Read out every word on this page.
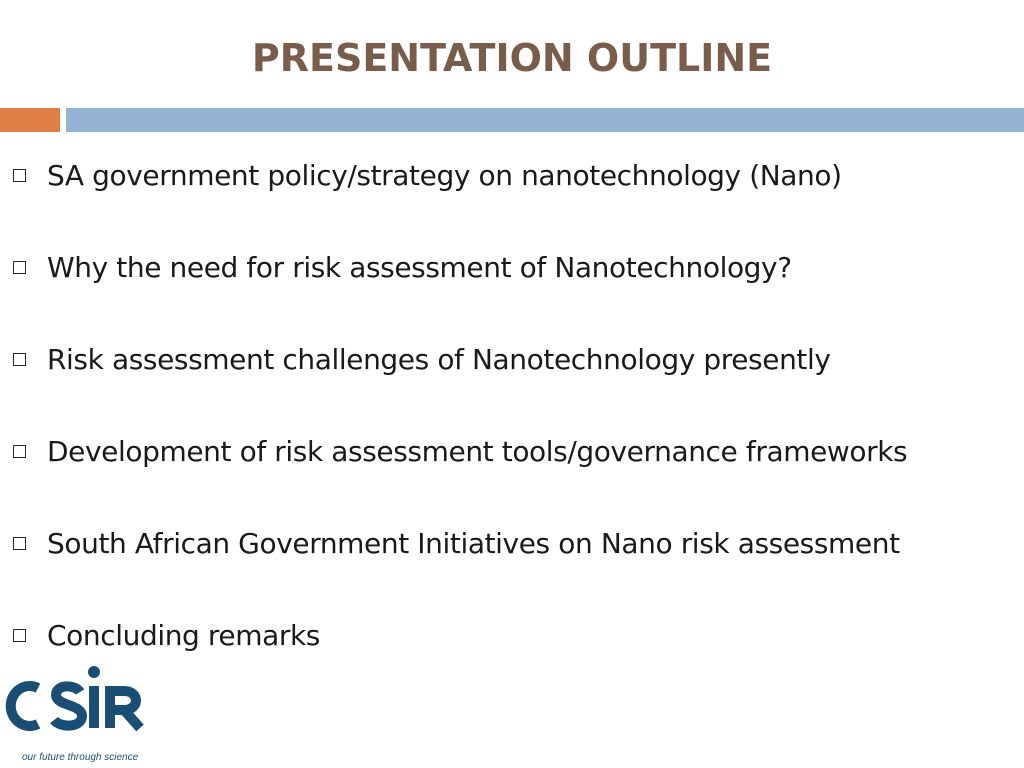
PRESENTATION OUTLINE
SA government policy/strategy on nanotechnology (Nano)
Why the need for risk assessment of Nanotechnology?
Risk assessment challenges of Nanotechnology presently
Development of risk assessment tools/governance frameworks
South African Government Initiatives on Nano risk assessment
Concluding remarks
our future through science
